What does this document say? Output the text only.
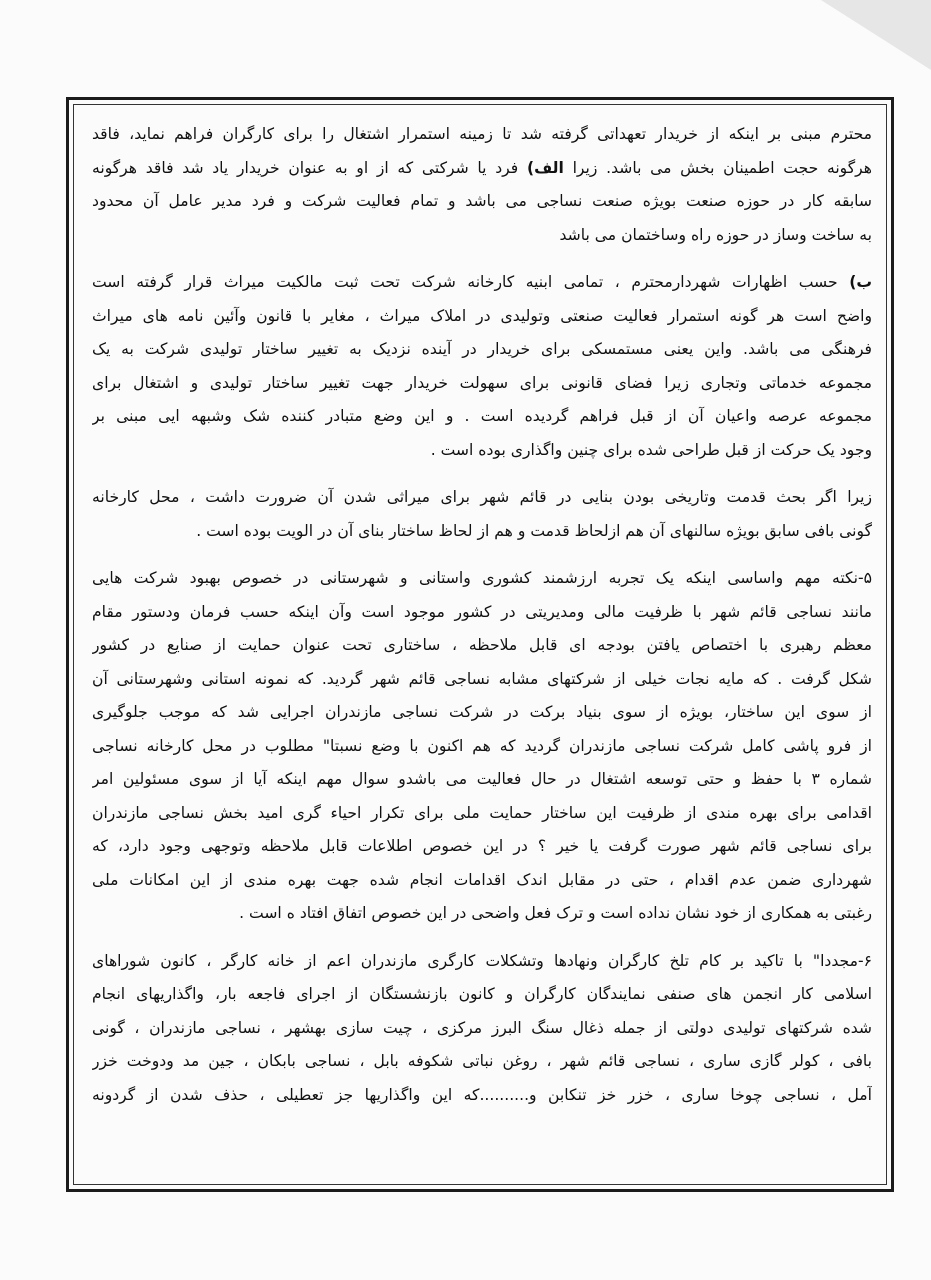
محترم مبنی بر اینکه از خریدار تعهداتی گرفته شد تا زمینه استمرار اشتغال را برای کارگران فراهم نماید، فاقد
هرگونه حجت اطمینان بخش می باشد. زیرا الف) فرد یا شرکتی که از او به عنوان خریدار یاد شد فاقد هرگونه
سابقه کار در حوزه صنعت بویژه صنعت نساجی می باشد و تمام فعالیت شرکت و فرد مدیر عامل آن محدود
به ساخت وساز در حوزه راه وساختمان می باشد
ب) حسب اظهارات شهردارمحترم ، تمامی ابنیه کارخانه شرکت تحت ثبت مالکیت میراث قرار گرفته است
واضح است هر گونه استمرار فعالیت صنعتی وتولیدی در املاک میراث ، مغایر با قانون وآئین نامه های میراث
فرهنگی می باشد. واین یعنی مستمسکی برای خریدار در آینده نزدیک به تغییر ساختار تولیدی شرکت به یک
مجموعه خدماتی وتجاری زیرا فضای قانونی برای سهولت خریدار جهت تغییر ساختار تولیدی و اشتغال برای
مجموعه عرصه واعیان آن از قبل فراهم گردیده است . و این وضع متبادر کننده شک وشبهه ایی مبنی بر
وجود یک حرکت از قبل طراحی شده برای چنین واگذاری بوده است .
زیرا اگر بحث قدمت وتاریخی بودن بنایی در قائم شهر برای میراثی شدن آن ضرورت داشت ، محل کارخانه
گونی بافی سابق بویژه سالنهای آن هم ازلحاظ قدمت و هم از لحاظ ساختار بنای آن در الویت بوده است .
۵-نکته مهم واساسی اینکه یک تجربه ارزشمند کشوری واستانی و شهرستانی در خصوص بهبود شرکت هایی
مانند نساجی قائم شهر با ظرفیت مالی ومدیریتی در کشور موجود است وآن اینکه حسب فرمان ودستور مقام
معظم رهبری با اختصاص یافتن بودجه ای قابل ملاحظه ، ساختاری تحت عنوان حمایت از صنایع در کشور
شکل گرفت . که مایه نجات خیلی از شرکتهای مشابه نساجی قائم شهر گردید. که نمونه استانی وشهرستانی آن
از سوی این ساختار، بویژه از سوی بنیاد برکت در شرکت نساجی مازندران اجرایی شد که موجب جلوگیری
از فرو پاشی کامل شرکت نساجی مازندران گردید که هم اکنون با وضع نسبتا" مطلوب در محل کارخانه نساجی
شماره ۳ با حفظ و حتی توسعه اشتغال در حال فعالیت می باشدو سوال مهم اینکه آیا از سوی مسئولین امر
اقدامی برای بهره مندی از ظرفیت این ساختار حمایت ملی برای تکرار احیاء گری امید بخش نساجی مازندران
برای نساجی قائم شهر صورت گرفت یا خیر ؟ در این خصوص اطلاعات قابل ملاحظه وتوجهی وجود دارد، که
شهرداری ضمن عدم اقدام ، حتی در مقابل اندک اقدامات انجام شده جهت بهره مندی از این امکانات ملی
رغبتی به همکاری از خود نشان نداده است و ترک فعل واضحی در این خصوص اتفاق افتاد ه است .
۶-مجددا" با تاکید بر کام تلخ کارگران ونهادها وتشکلات کارگری مازندران اعم از خانه کارگر ، کانون شوراهای
اسلامی کار انجمن های صنفی نمایندگان کارگران و کانون بازنشستگان از اجرای فاجعه بار، واگذاریهای انجام
شده شرکتهای تولیدی دولتی از جمله ذغال سنگ البرز مرکزی ، چیت سازی بهشهر ، نساجی مازندران ، گونی
بافی ، کولر گازی ساری ، نساجی قائم شهر ، روغن نباتی شکوفه بابل ، نساجی بابکان ، جین مد ودوخت خزر
آمل ، نساجی چوخا ساری ، خزر خز تنکابن و..........که این واگذاریها جز تعطیلی ، حذف شدن از گردونه
